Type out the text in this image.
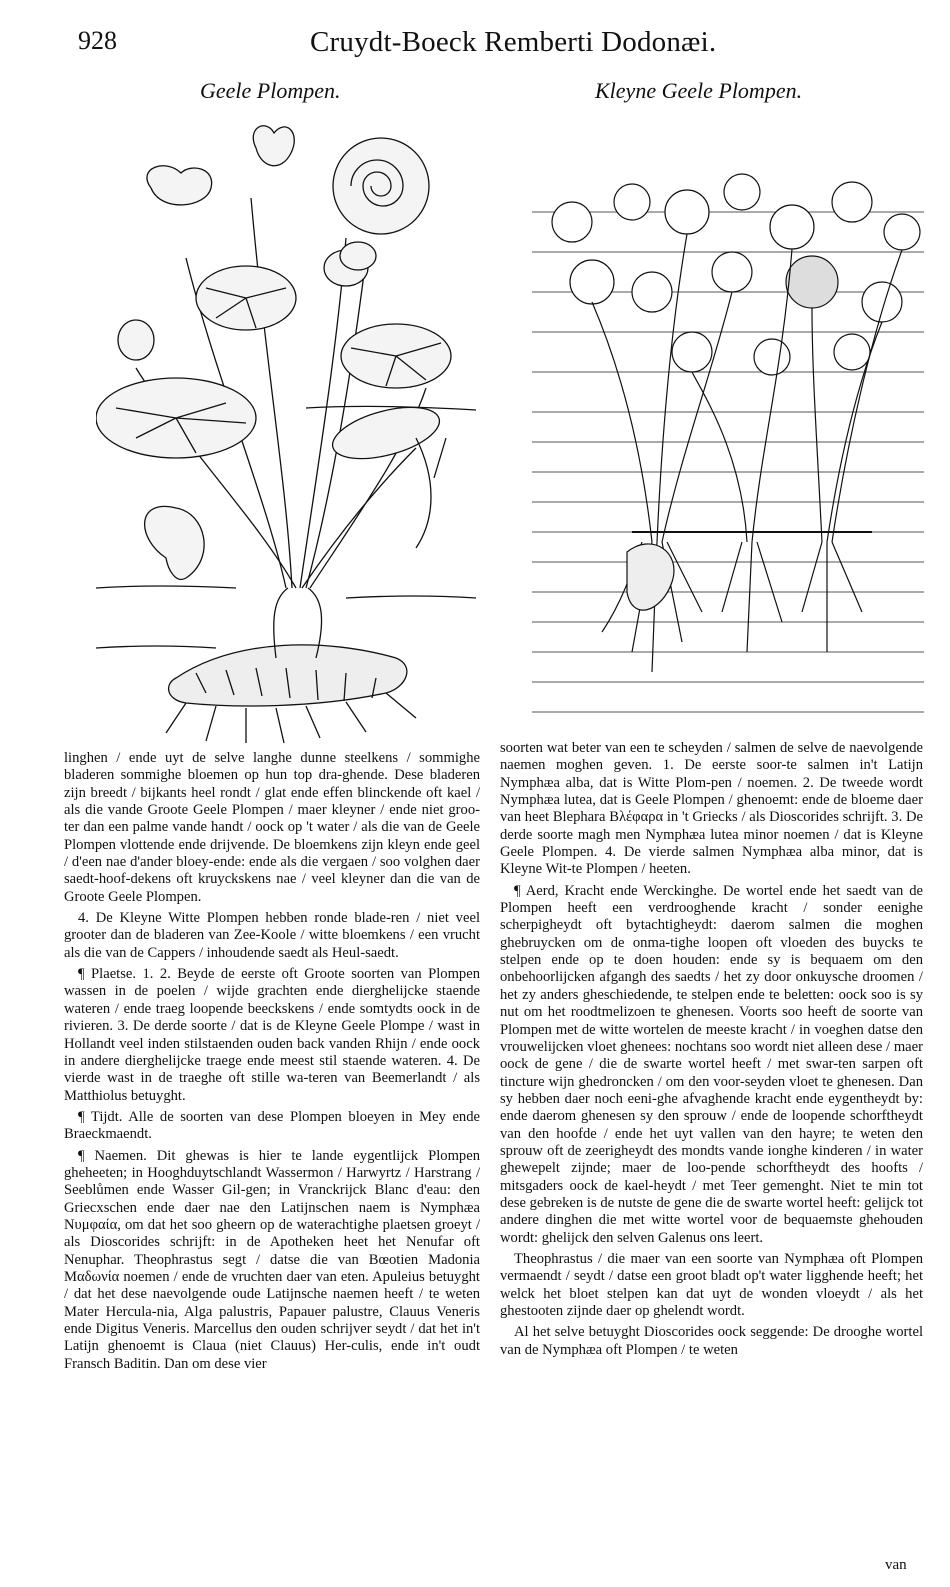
928	Cruydt-Boeck Remberti Dodonæi.
Geele Plompen.	Kleyne Geele Plompen.

linghen / ende uyt de selve langhe dunne steelkens / sommighe bladeren sommighe bloemen op hun top dra-ghende. Dese bladeren zijn breedt / bijkants heel rondt / glat ende effen blinckende oft kael / als die vande Groote Geele Plompen / maer kleyner / ende niet groo-ter dan een palme vande handt / oock op 't water / als die van de Geele Plompen vlottende ende drijvende. De bloemkens zijn kleyn ende geel / d'een nae d'ander bloey-ende: ende als die vergaen / soo volghen daer saedt-hoof-dekens oft kruyckskens nae / veel kleyner dan die van de Groote Geele Plompen.

4. De Kleyne Witte Plompen hebben ronde blade-ren / niet veel grooter dan de bladeren van Zee-Koole / witte bloemkens / een vrucht als die van de Cappers / inhoudende saedt als Heul-saedt.

¶ Plaetse. 1. 2. Beyde de eerste oft Groote soorten van Plompen wassen in de poelen / wijde grachten ende dierghelijcke staende wateren / ende traeg loopende beeckskens / ende somtydts oock in de rivieren. 3. De derde soorte / dat is de Kleyne Geele Plompe / wast in Hollandt veel inden stilstaenden ouden back vanden Rhijn / ende oock in andere dierghelijcke traege ende meest stil staende wateren. 4. De vierde wast in de traeghe oft stille wa-teren van Beemerlandt / als Matthiolus betuyght.

¶ Tijdt. Alle de soorten van dese Plompen bloeyen in Mey ende Braeckmaendt.

¶ Naemen. Dit ghewas is hier te lande eygentlijck Plompen gheheeten; in Hooghduytschlandt Wassermon / Harwyrtz / Harstrang / Seeblůmen ende Wasser Gil-gen; in Vranckrijck Blanc d'eau: den Griecxschen ende daer nae den Latijnschen naem is Nymphæa Νυμφαία, om dat het soo gheern op de waterachtighe plaetsen groeyt / als Dioscorides schrijft: in de Apotheken heet het Nenufar oft Nenuphar. Theophrastus segt / datse die van Bœotien Madonia Μαδωνία noemen / ende de vruchten daer van eten. Apuleius betuyght / dat het dese naevolgende oude Latijnsche naemen heeft / te weten Mater Hercula-nia, Alga palustris, Papauer palustre, Clauus Veneris ende Digitus Veneris. Marcellus den ouden schrijver seydt / dat het in't Latijn ghenoemt is Claua (niet Clauus) Her-culis, ende in't oudt Fransch Baditin. Dan om dese vier

soorten wat beter van een te scheyden / salmen de selve de naevolgende naemen moghen geven. 1. De eerste soor-te salmen in't Latijn Nymphæa alba, dat is Witte Plom-pen / noemen. 2. De tweede wordt Nymphæa lutea, dat is Geele Plompen / ghenoemt: ende de bloeme daer van heet Blephara Βλέφαρα in 't Griecks / als Dioscorides schrijft. 3. De derde soorte magh men Nymphæa lutea minor noemen / dat is Kleyne Geele Plompen. 4. De vierde salmen Nymphæa alba minor, dat is Kleyne Wit-te Plompen / heeten.

¶ Aerd, Kracht ende Werckinghe. De wortel ende het saedt van de Plompen heeft een verdrooghende kracht / sonder eenighe scherpigheydt oft bytachtigheydt: daerom salmen die moghen ghebruycken om de onma-tighe loopen oft vloeden des buycks te stelpen ende op te doen houden: ende sy is bequaem om den onbehoorlijcken afgangh des saedts / het zy door onkuysche droomen / het zy anders gheschiedende, te stelpen ende te beletten: oock soo is sy nut om het roodtmelizoen te ghenesen. Voorts soo heeft de soorte van Plompen met de witte wortelen de meeste kracht / in voeghen datse den vrouwelijcken vloet ghenees: nochtans soo wordt niet alleen dese / maer oock de gene / die de swarte wortel heeft / met swar-ten sarpen oft tincture wijn ghedroncken / om den voor-seyden vloet te ghenesen. Dan sy hebben daer noch eeni-ghe afvaghende kracht ende eygentheydt by: ende daerom ghenesen sy den sprouw / ende de loopende schorftheydt van den hoofde / ende het uyt vallen van den hayre; te weten den sprouw oft de zeerigheydt des mondts vande ionghe kinderen / in water ghewepelt zijnde; maer de loo-pende schorftheydt des hoofts / mitsgaders oock de kael-heydt / met Teer gemenght. Niet te min tot dese gebreken is de nutste de gene die de swarte wortel heeft: gelijck tot andere dinghen die met witte wortel voor de bequaemste ghehouden wordt: ghelijck den selven Galenus ons leert.

Theophrastus / die maer van een soorte van Nymphæa oft Plompen vermaendt / seydt / datse een groot bladt op't water ligghende heeft; het welck het bloet stelpen kan dat uyt de wonden vloeydt / als het ghestooten zijnde daer op ghelendt wordt.

Al het selve betuyght Dioscorides oock seggende: De drooghe wortel van de Nymphæa oft Plompen / te weten

van
